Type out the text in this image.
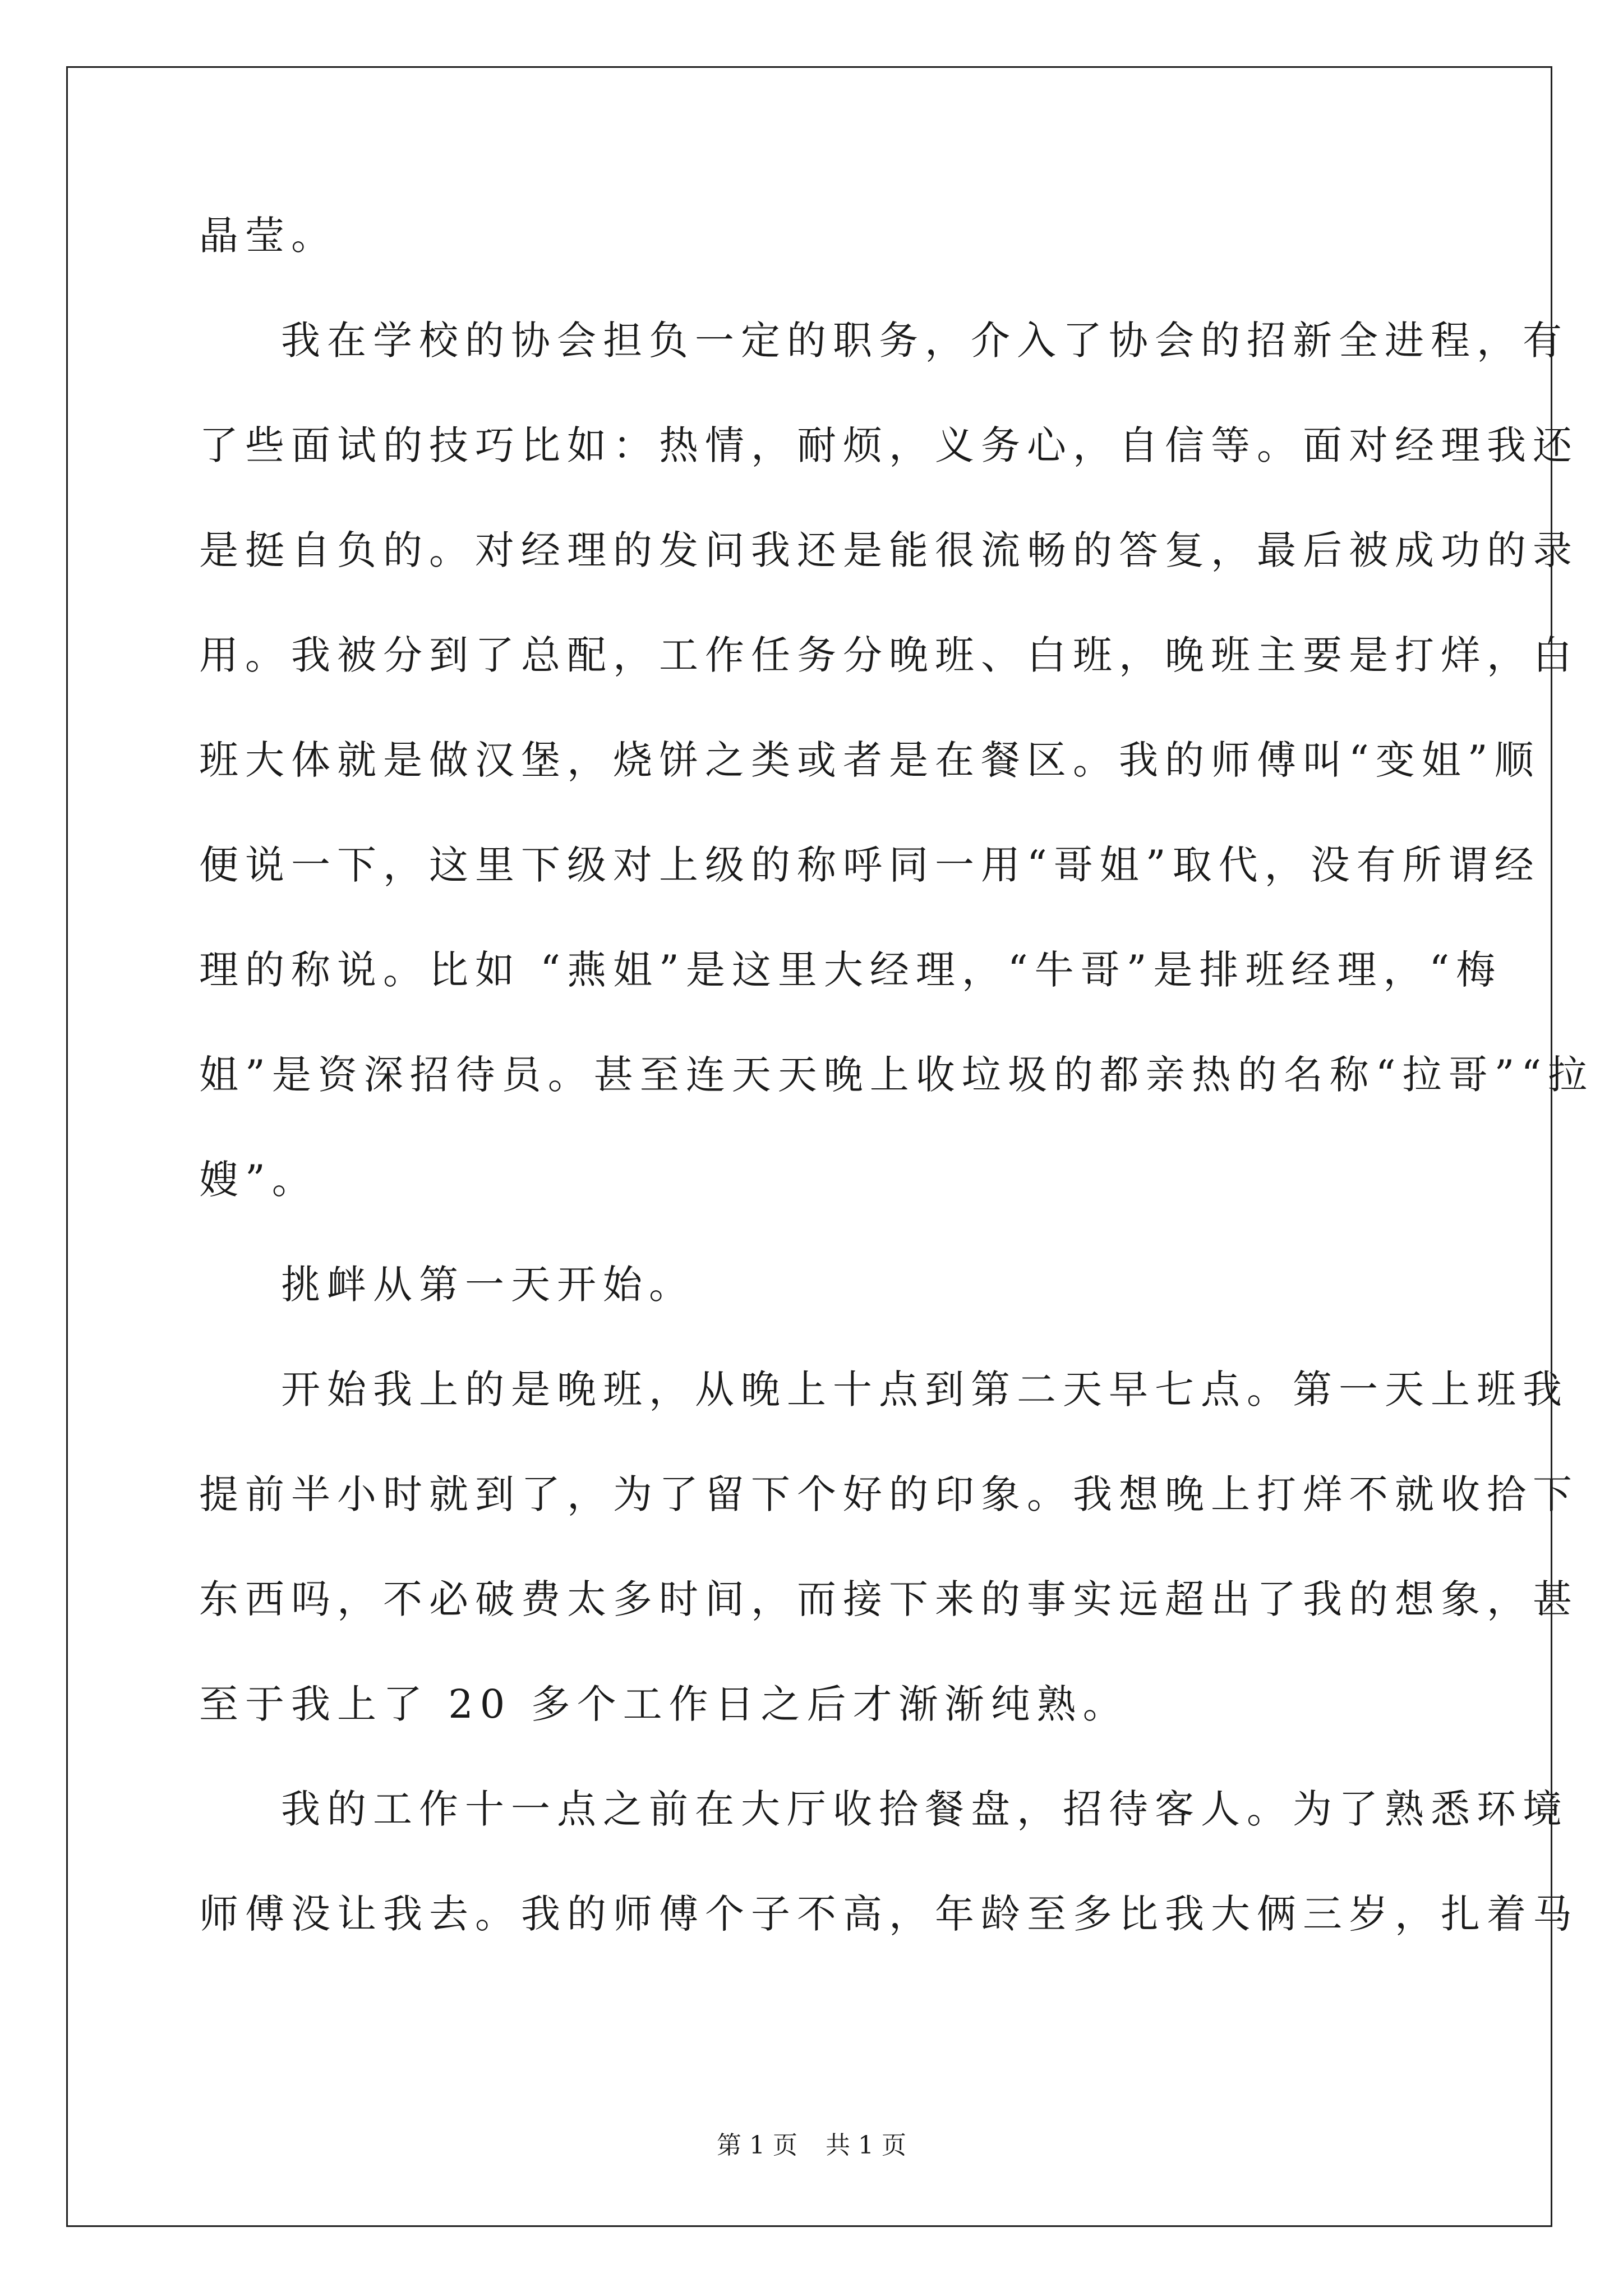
晶莹。
我在学校的协会担负一定的职务，介入了协会的招新全进程，有
了些面试的技巧比如：热情，耐烦，义务心，自信等。面对经理我还
是挺自负的。对经理的发问我还是能很流畅的答复，最后被成功的录
用。我被分到了总配，工作任务分晚班、白班，晚班主要是打烊，白
班大体就是做汉堡，烧饼之类或者是在餐区。我的师傅叫“变姐”顺
便说一下，这里下级对上级的称呼同一用“哥姐”取代，没有所谓经
理的称说。比如 “燕姐”是这里大经理，“牛哥”是排班经理，“梅
姐”是资深招待员。甚至连天天晚上收垃圾的都亲热的名称“拉哥”“拉
嫂”。
挑衅从第一天开始。
开始我上的是晚班，从晚上十点到第二天早七点。第一天上班我
提前半小时就到了，为了留下个好的印象。我想晚上打烊不就收拾下
东西吗，不必破费太多时间，而接下来的事实远超出了我的想象，甚
至于我上了 20 多个工作日之后才渐渐纯熟。
我的工作十一点之前在大厅收拾餐盘，招待客人。为了熟悉环境
师傅没让我去。我的师傅个子不高，年龄至多比我大俩三岁，扎着马
第 1 页 共 1 页
